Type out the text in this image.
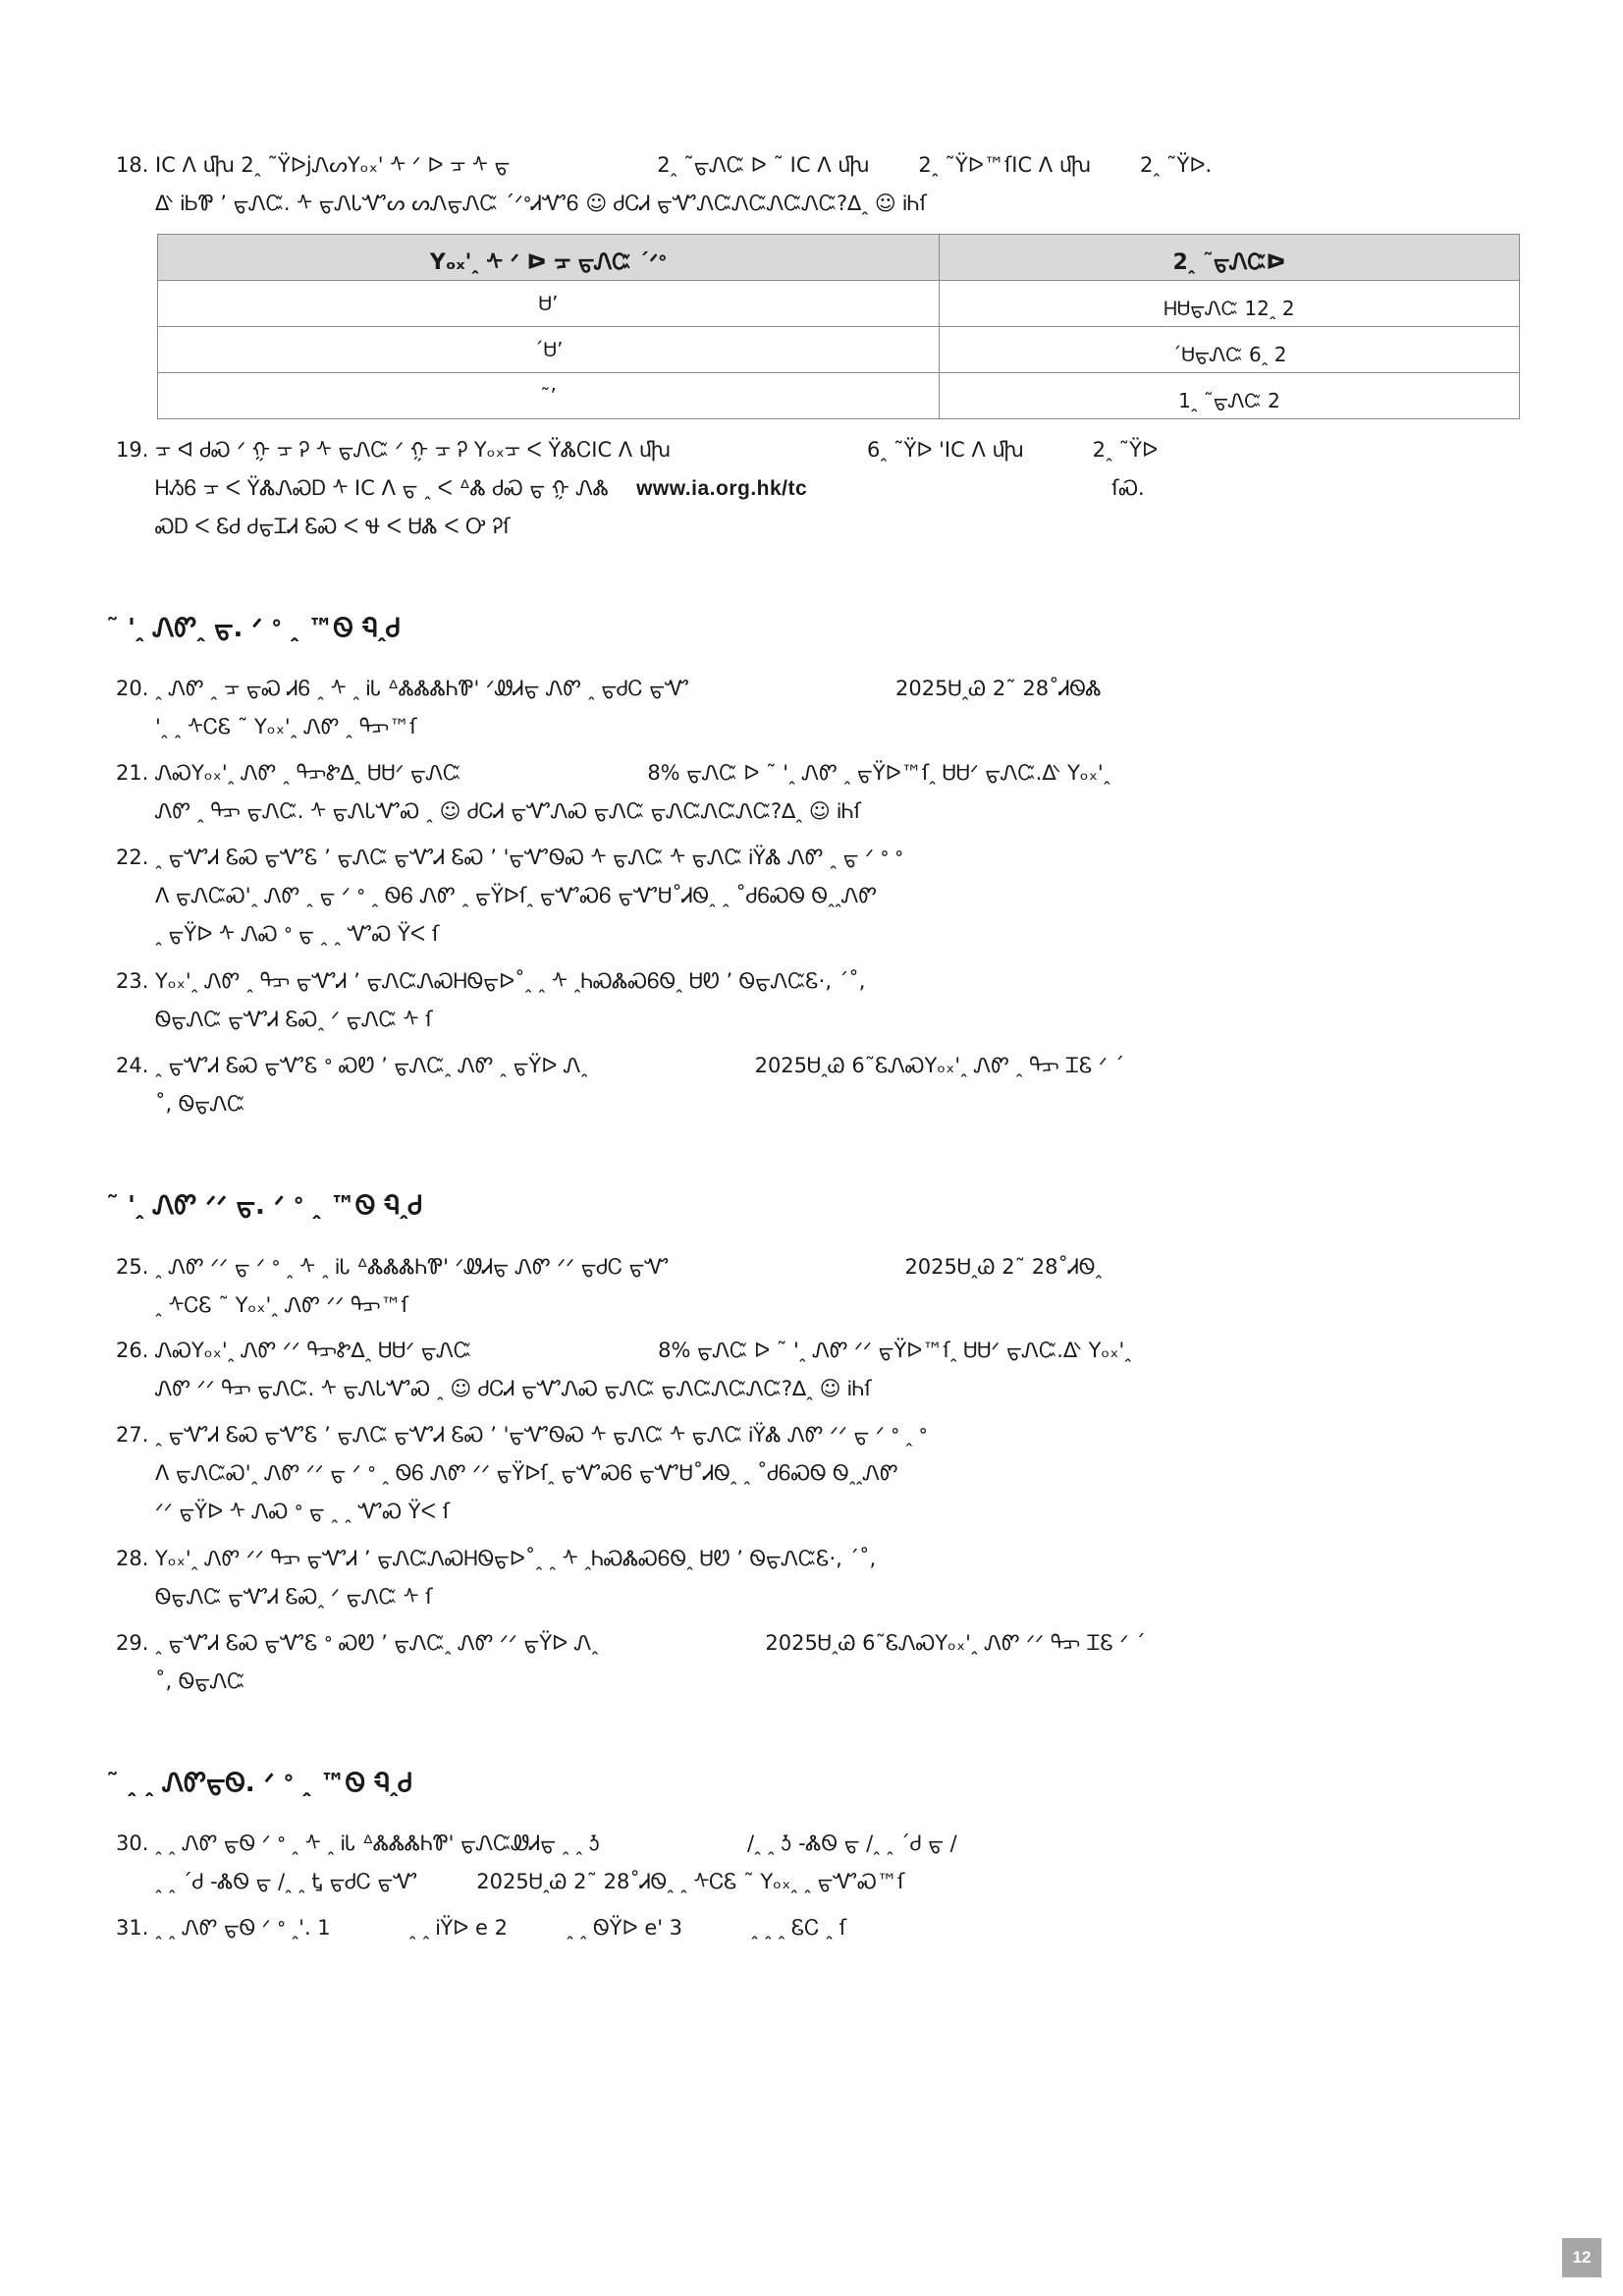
18. ⅠⅭ ᐱ ﬗ 2ꞈ ˜ŸᐅjᏁᔕYₒₓ' ᠰ ᐟ ᐅ ᠴ ᠰ ᠳ	2ꞈ ˜ᠳᏁᏨ ᐅ ˜ ⅠⅭ ᐱ ﬗ 2ꞈ ˜Ÿᐅ™ſⅠⅭ ᐱ ﬗ 2ꞈ ˜Ÿᐅ.
ᐬ ᎥᏏᏈ ’ ᠳᏁᏨ. ᠰ ᠳᏁᏓᏉᔕ ᔕᏁᠳᏁᏨ ˊᐟᐤᏗᏉᏮ ☺ ᏧᏟᏗ ᠳᏉᏁᏨᏁᏨᏁᏨᏁᏨ?∆ꞈ ☺ ᎥᏂſ
Yₒₓ'ꞈ ᠰ ᐟ ᐅ ᠴ ᠳᏁᏨ ˊᐟᐤ	2ꞈ ˜ᠳᏁᏨᐅ
Ꮜ’	ᎻᏌᠳᏁᏨ 12ꞈ 2
ˊᏌ’	ˊᏌᠳᏁᏨ 6ꞈ 2
˜’	1ꞈ ˜ᠳᏁᏨ 2
19. ᠴ ᐊ ᏧᏍ ᐟ ᠭ ᠴ Ꭾ ᠰ ᠳᏁᏨ ᐟ ᠭ ᠴ Ꭾ Yₒₓᠴ ᐸ ŸᏜᏟⅠⅭ ᐱ ﬗ	6ꞈ ˜Ÿᐅ 'ⅠⅭ ᐱ ﬗ	2ꞈ ˜Ÿᐅ
ᎻᏱᏮ ᠴ ᐸ ŸᏜᏁᏍᎠ ᠰ ⅠⅭ ᐱ ᠳ ꞈ ᐸ ᐞᏜ ᏧᏍ ᠳ ᠭ ᏁᏜ www.ia.org.hk/tc	ſᏍ.
ᏍᎠ ᐸ ᏋᏧ ᏧᠳᏆᏗ ᏋᏍ ᐸ Ꮰ ᐸ ᏌᏜ ᐸ Ꭴ Ꭾſ
˜ 'ꞈ ᏁᏛꞈ ᠳ. ᐟ ᐤ ꞈ ™Ꮻ ᏄꞈᏧ
20. ꞈ ᏁᏛ ꞈ ᠴ ᠳᏍ ᏗᏮ ꞈ ᠰ ꞈ ᎥᏓ ᐞᏜᏜᏜᏂᏈ' ᐟᏪᏗᠳ ᏁᏛ ꞈ ᠳᏧᏟ ᠳᏉ	2025ᏌꞈᏊ 2˜ 28˚ᏗᏫᏜ
'ꞈ ꞈ ᠰᏟᏋ ˜ Yₒₓ'ꞈ ᏁᏛ ꞈ ᠳᠴ™ſ
21. ᏁᏍYₒₓ'ꞈ ᏁᏛ ꞈ ᠳᠴᏑ∆ꞈ ᏌᏌᐟ ᠳᏁᏨ	8% ᠳᏁᏨ ᐅ ˜ 'ꞈ ᏁᏛ ꞈ ᠳŸᐅ™ſꞈ ᏌᏌᐟ ᠳᏁᏨ.ᐬ Yₒₓ'ꞈ
ᏁᏛ ꞈ ᠳᠴ ᠳᏁᏨ. ᠰ ᠳᏁᏓᏉᏍ ꞈ ☺ ᏧᏟᏗ ᠳᏉᏁᏍ ᠳᏁᏨ ᠳᏁᏨᏁᏨᏁᏨ?∆ꞈ ☺ ᎥᏂſ
22. ꞈ ᠳᏉᏗ ᏋᏍ ᠳᏉᏋ ’ ᠳᏁᏨ ᠳᏉᏗ ᏋᏍ ’ 'ᠳᏉᏫᏍ ᠰ ᠳᏁᏨ ᠰ ᠳᏁᏨ ᎥŸᏜ ᏁᏛ ꞈ ᠳ ᐟ ᐤ ᐤ
ᐱ ᠳᏁᏨᏍ'ꞈ ᏁᏛ ꞈ ᠳ ᐟ ᐤ ꞈ ᏫᏮ ᏁᏛ ꞈ ᠳŸᐅſꞈ ᠳᏉᏍᏮ ᠳᏉᏌ˚ᏗᏫꞈ ꞈ ˚ᏧᏮᏍᏫ ᏫꞈꞈᏁᏛ
ꞈ ᠳŸᐅ ᠰ ᏁᏍ ᐤ ᠳ ꞈ ꞈ ᏉᏍ Ÿᐸ ſ
23. Yₒₓ'ꞈ ᏁᏛ ꞈ ᠳᠴ ᠳᏉᏗ ’ ᠳᏁᏨᏁᏍᎻᏫᠳᐅ˚ꞈ ꞈ ᠰ ꞈᏂᏍᏜᏍᏮᏫꞈ ᏌᏬ ’ ᏫᠳᏁᏨᏋ·, ˊ˚,
ᏫᠳᏁᏨ ᠳᏉᏗ ᏋᏍꞈ ᐟ ᠳᏁᏨ ᠰ ſ
24. ꞈ ᠳᏉᏗ ᏋᏍ ᠳᏉᏋ ᐤ ᏍᏬ ’ ᠳᏁᏨꞈ ᏁᏛ ꞈ ᠳŸᐅ Ꮑꞈ	2025ᏌꞈᏊ 6˜ᏋᏁᏍYₒₓ'ꞈ ᏁᏛ ꞈ ᠳᠴ ᏆᏋ ᐟ ˊ
˚, ᏫᠳᏁᏨ
˜ 'ꞈ ᏁᏛ ᐟᐟ ᠳ. ᐟ ᐤ ꞈ ™Ꮻ ᏄꞈᏧ
25. ꞈ ᏁᏛ ᐟᐟ ᠳ ᐟ ᐤ ꞈ ᠰ ꞈ ᎥᏓ ᐞᏜᏜᏜᏂᏈ' ᐟᏪᏗᠳ ᏁᏛ ᐟᐟ ᠳᏧᏟ ᠳᏉ	2025ᏌꞈᏊ 2˜ 28˚ᏗᏫꞈ
ꞈ ᠰᏟᏋ ˜ Yₒₓ'ꞈ ᏁᏛ ᐟᐟ ᠳᠴ™ſ
26. ᏁᏍYₒₓ'ꞈ ᏁᏛ ᐟᐟ ᠳᠴᏑ∆ꞈ ᏌᏌᐟ ᠳᏁᏨ	8% ᠳᏁᏨ ᐅ ˜ 'ꞈ ᏁᏛ ᐟᐟ ᠳŸᐅ™ſꞈ ᏌᏌᐟ ᠳᏁᏨ.ᐬ Yₒₓ'ꞈ
ᏁᏛ ᐟᐟ ᠳᠴ ᠳᏁᏨ. ᠰ ᠳᏁᏓᏉᏍ ꞈ ☺ ᏧᏟᏗ ᠳᏉᏁᏍ ᠳᏁᏨ ᠳᏁᏨᏁᏨᏁᏨ?∆ꞈ ☺ ᎥᏂſ
27. ꞈ ᠳᏉᏗ ᏋᏍ ᠳᏉᏋ ’ ᠳᏁᏨ ᠳᏉᏗ ᏋᏍ ’ 'ᠳᏉᏫᏍ ᠰ ᠳᏁᏨ ᠰ ᠳᏁᏨ ᎥŸᏜ ᏁᏛ ᐟᐟ ᠳ ᐟ ᐤ ꞈ ᐤ
ᐱ ᠳᏁᏨᏍ'ꞈ ᏁᏛ ᐟᐟ ᠳ ᐟ ᐤ ꞈ ᏫᏮ ᏁᏛ ᐟᐟ ᠳŸᐅſꞈ ᠳᏉᏍᏮ ᠳᏉᏌ˚ᏗᏫꞈ ꞈ ˚ᏧᏮᏍᏫ ᏫꞈꞈᏁᏛ
ᐟᐟ ᠳŸᐅ ᠰ ᏁᏍ ᐤ ᠳ ꞈ ꞈ ᏉᏍ Ÿᐸ ſ
28. Yₒₓ'ꞈ ᏁᏛ ᐟᐟ ᠳᠴ ᠳᏉᏗ ’ ᠳᏁᏨᏁᏍᎻᏫᠳᐅ˚ꞈ ꞈ ᠰ ꞈᏂᏍᏜᏍᏮᏫꞈ ᏌᏬ ’ ᏫᠳᏁᏨᏋ·, ˊ˚,
ᏫᠳᏁᏨ ᠳᏉᏗ ᏋᏍꞈ ᐟ ᠳᏁᏨ ᠰ ſ
29. ꞈ ᠳᏉᏗ ᏋᏍ ᠳᏉᏋ ᐤ ᏍᏬ ’ ᠳᏁᏨꞈ ᏁᏛ ᐟᐟ ᠳŸᐅ Ꮑꞈ	2025ᏌꞈᏊ 6˜ᏋᏁᏍYₒₓ'ꞈ ᏁᏛ ᐟᐟ ᠳᠴ ᏆᏋ ᐟ ˊ
˚, ᏫᠳᏁᏨ
˜ ꞈ ꞈ ᏁᏛᠳᏫ. ᐟ ᐤ ꞈ ™Ꮻ ᏄꞈᏧ
30. ꞈ ꞈ ᏁᏛ ᠳᏫ ᐟ ᐤ ꞈ ᠰ ꞈ ᎥᏓ ᐞᏜᏜᏜᏂᏈ' ᠳᏁᏨᏪᏗᠳ ꞈ ꞈ Ꮌ	/ꞈ ꞈ Ꮌ -ᏜᏫ ᠳ /ꞈ ꞈ ˊᏧ ᠳ /
ꞈ ꞈ ˊᏧ -ᏜᏫ ᠳ /ꞈ ꞈ Ꮏ ᠳᏧᏟ ᠳᏉ	2025ᏌꞈᏊ 2˜ 28˚ᏗᏫꞈ ꞈ ᠰᏟᏋ ˜ Yₒₓꞈ ꞈ ᠳᏉᏍ™ſ
31. ꞈ ꞈ ᏁᏛ ᠳᏫ ᐟ ᐤ ꞈ'. 1	ꞈ ꞈ ᎥŸᐅ e 2	ꞈ ꞈ ᏫŸᐅ e' 3	ꞈ ꞈ ꞈ ᏋᏟ ꞈ ſ
12
